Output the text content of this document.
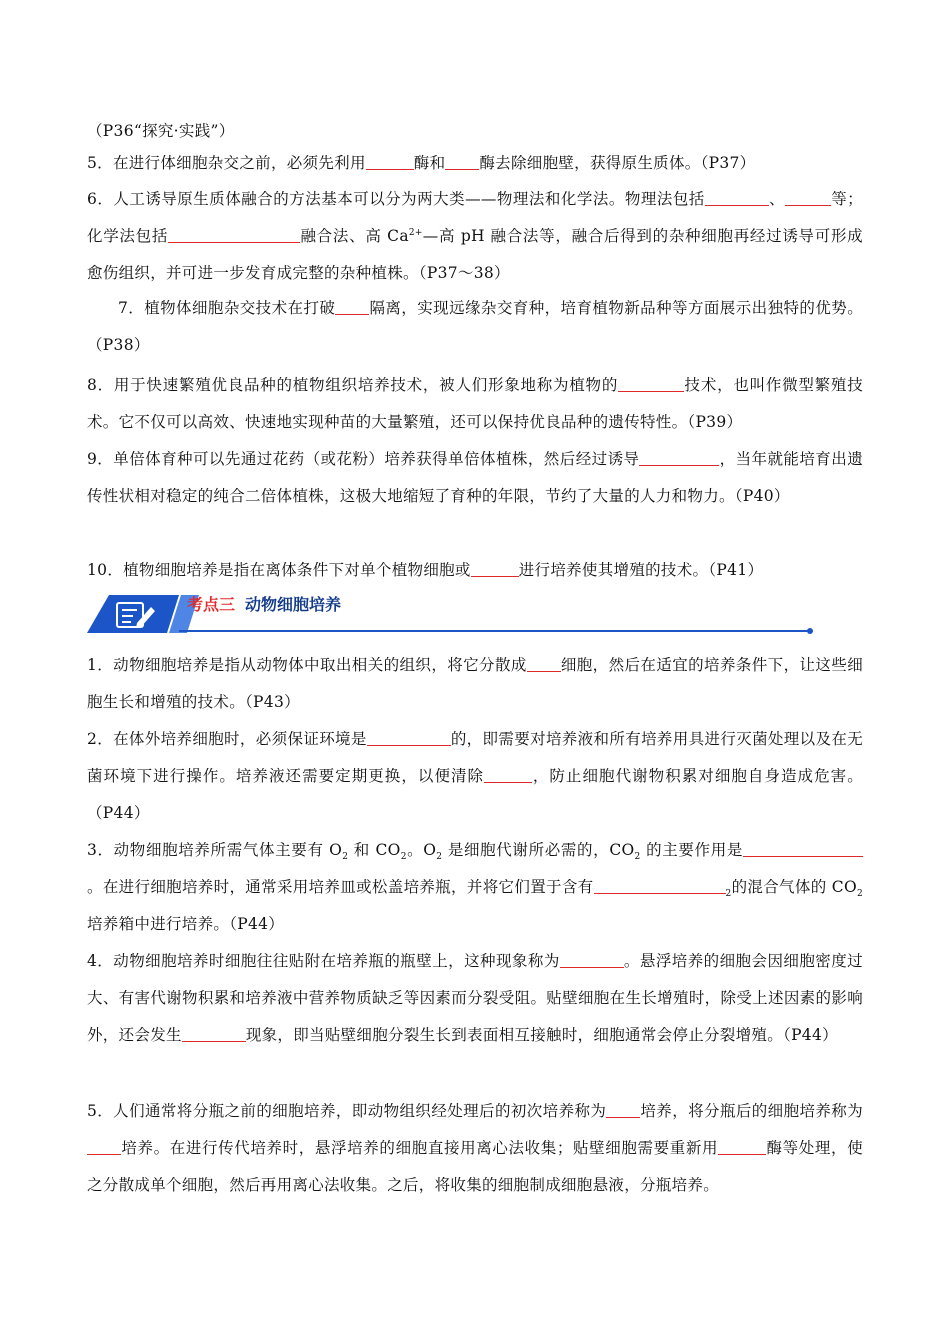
（P36“探究·实践”）

5．在进行体细胞杂交之前，必须先利用	酶和 酶去除细胞壁，获得原生质体。（P37）

6．人工诱导原生质体融合的方法基本可以分为两大类——物理法和化学法。物理法包括	、	等；化学法包括	融合法、高 $Ca^{2+}—$高 pH 融合法等，融合后得到的杂种细胞再经过诱导可形成愈伤组织，并可进一步发育成完整的杂种植株。（P37～38）

7．植物体细胞杂交技术在打破 隔离，实现远缘杂交育种，培育植物新品种等方面展示出独特的优势。（P38）

8．用于快速繁殖优良品种的植物组织培养技术，被人们形象地称为植物的	技术，也叫作微型繁殖技术。它不仅可以高效、快速地实现种苗的大量繁殖，还可以保持优良品种的遗传特性。（P39）

9．单倍体育种可以先通过花药（或花粉）培养获得单倍体植株，然后经过诱导	，当年就能培育出遗传性状相对稳定的纯合二倍体植株，这极大地缩短了育种的年限，节约了大量的人力和物力。（P40）

10．植物细胞培养是指在离体条件下对单个植物细胞或	进行培养使其增殖的技术。（P41）

考点三 动物细胞培养

1．动物细胞培养是指从动物体中取出相关的组织，将它分散成 细胞，然后在适宜的培养条件下，让这些细胞生长和增殖的技术。（P43）

2．在体外培养细胞时，必须保证环境是	的，即需要对培养液和所有培养用具进行灭菌处理以及在无菌环境下进行操作。培养液还需要定期更换，以便清除	，防止细胞代谢物积累对细胞自身造成危害。（P44）

3．动物细胞培养所需气体主要有 $O_2$ 和 $CO_2$。$O_2$ 是细胞代谢所必需的，$CO_2$ 的主要作用是。在进行细胞培养时，通常采用培养皿或松盖培养瓶，并将它们置于含有	$_2$的混合气体的 $CO_2$ 培养箱中进行培养。（P44）

4．动物细胞培养时细胞往往贴附在培养瓶的瓶壁上，这种现象称为	。悬浮培养的细胞会因细胞密度过大、有害代谢物积累和培养液中营养物质缺乏等因素而分裂受阻。贴壁细胞在生长增殖时，除受上述因素的影响外，还会发生	现象，即当贴壁细胞分裂生长到表面相互接触时，细胞通常会停止分裂增殖。（P44）

5．人们通常将分瓶之前的细胞培养，即动物组织经处理后的初次培养称为 培养，将分瓶后的细胞培养称为培养。在进行传代培养时，悬浮培养的细胞直接用离心法收集；贴壁细胞需要重新用	酶等处理，使之分散成单个细胞，然后再用离心法收集。之后，将收集的细胞制成细胞悬液，分瓶培养。
